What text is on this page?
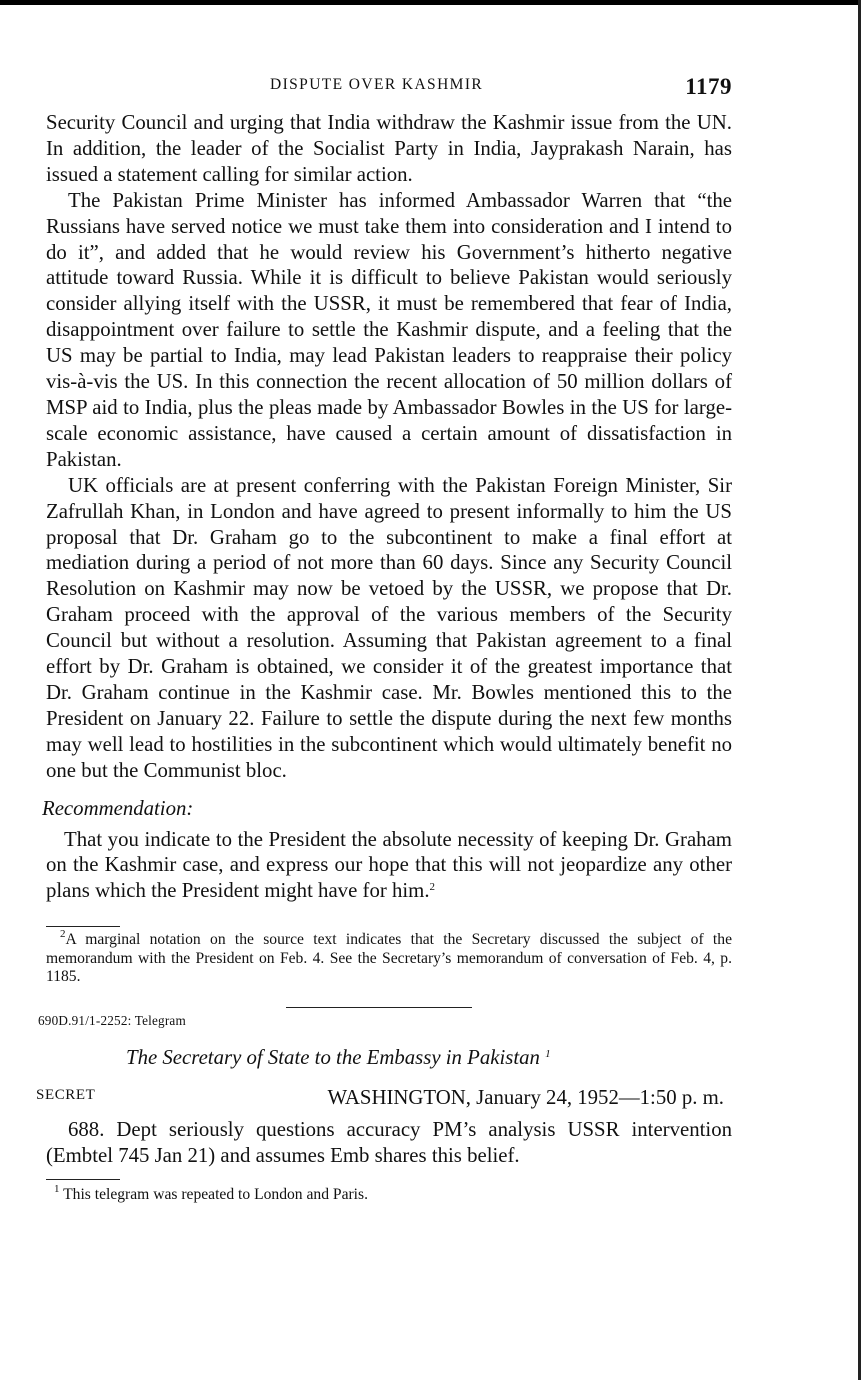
DISPUTE OVER KASHMIR	1179

Security Council and urging that India withdraw the Kashmir issue from the UN. In addition, the leader of the Socialist Party in India, Jayprakash Narain, has issued a statement calling for similar action.

The Pakistan Prime Minister has informed Ambassador Warren that “the Russians have served notice we must take them into consideration and I intend to do it”, and added that he would review his Government’s hitherto negative attitude toward Russia. While it is difficult to believe Pakistan would seriously consider allying itself with the USSR, it must be remembered that fear of India, disappointment over failure to settle the Kashmir dispute, and a feeling that the US may be partial to India, may lead Pakistan leaders to reappraise their policy vis-à-vis the US. In this connection the recent allocation of 50 million dollars of MSP aid to India, plus the pleas made by Ambassador Bowles in the US for large-scale economic assistance, have caused a certain amount of dissatisfaction in Pakistan.

UK officials are at present conferring with the Pakistan Foreign Minister, Sir Zafrullah Khan, in London and have agreed to present informally to him the US proposal that Dr. Graham go to the subcontinent to make a final effort at mediation during a period of not more than 60 days. Since any Security Council Resolution on Kashmir may now be vetoed by the USSR, we propose that Dr. Graham proceed with the approval of the various members of the Security Council but without a resolution. Assuming that Pakistan agreement to a final effort by Dr. Graham is obtained, we consider it of the greatest importance that Dr. Graham continue in the Kashmir case. Mr. Bowles mentioned this to the President on January 22. Failure to settle the dispute during the next few months may well lead to hostilities in the subcontinent which would ultimately benefit no one but the Communist bloc.

Recommendation:

That you indicate to the President the absolute necessity of keeping Dr. Graham on the Kashmir case, and express our hope that this will not jeopardize any other plans which the President might have for him.$^2$

$^2$A marginal notation on the source text indicates that the Secretary discussed the subject of the memorandum with the President on Feb. 4. See the Secretary’s memorandum of conversation of Feb. 4, p. 1185.

690D.91/1-2252: Telegram
The Secretary of State to the Embassy in Pakistan $^1$
SECRET	WASHINGTON, January 24, 1952—1:50 p. m.

688. Dept seriously questions accuracy PM’s analysis USSR intervention (Embtel 745 Jan 21) and assumes Emb shares this belief.

$^1$ This telegram was repeated to London and Paris.
